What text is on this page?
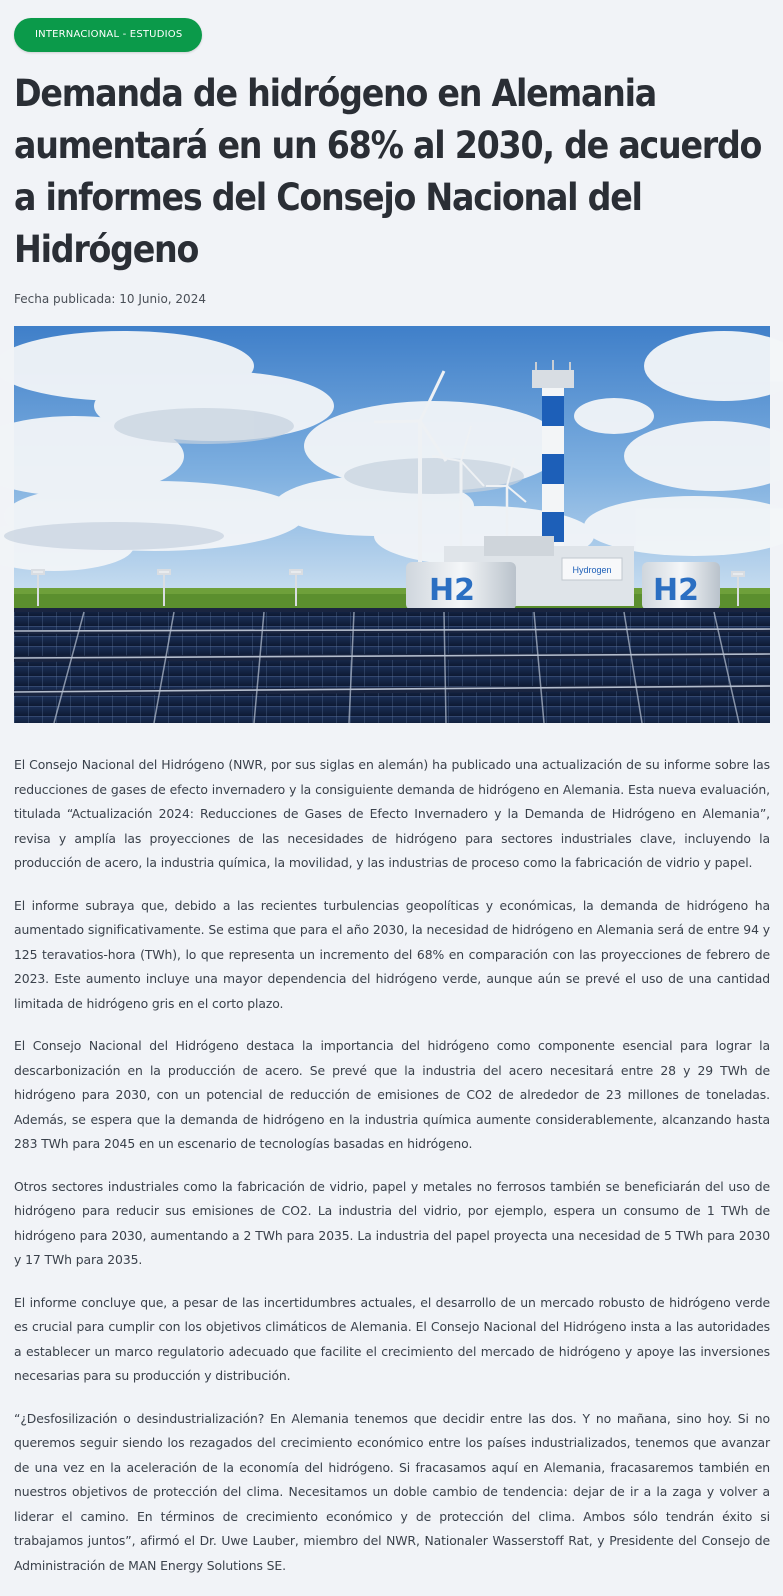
INTERNACIONAL - ESTUDIOS
Demanda de hidrógeno en Alemania aumentará en un 68% al 2030, de acuerdo a informes del Consejo Nacional del Hidrógeno
Fecha publicada: 10 Junio, 2024
Hydrogen
H2	H2

El Consejo Nacional del Hidrógeno (NWR, por sus siglas en alemán) ha publicado una actualización de su informe sobre las reducciones de gases de efecto invernadero y la consiguiente demanda de hidrógeno en Alemania. Esta nueva evaluación, titulada “Actualización 2024: Reducciones de Gases de Efecto Invernadero y la Demanda de Hidrógeno en Alemania”, revisa y amplía las proyecciones de las necesidades de hidrógeno para sectores industriales clave, incluyendo la producción de acero, la industria química, la movilidad, y las industrias de proceso como la fabricación de vidrio y papel.

El informe subraya que, debido a las recientes turbulencias geopolíticas y económicas, la demanda de hidrógeno ha aumentado significativamente. Se estima que para el año 2030, la necesidad de hidrógeno en Alemania será de entre 94 y 125 teravatios-hora (TWh), lo que representa un incremento del 68% en comparación con las proyecciones de febrero de 2023. Este aumento incluye una mayor dependencia del hidrógeno verde, aunque aún se prevé el uso de una cantidad limitada de hidrógeno gris en el corto plazo.

El Consejo Nacional del Hidrógeno destaca la importancia del hidrógeno como componente esencial para lograr la descarbonización en la producción de acero. Se prevé que la industria del acero necesitará entre 28 y 29 TWh de hidrógeno para 2030, con un potencial de reducción de emisiones de CO2 de alrededor de 23 millones de toneladas. Además, se espera que la demanda de hidrógeno en la industria química aumente considerablemente, alcanzando hasta 283 TWh para 2045 en un escenario de tecnologías basadas en hidrógeno.

Otros sectores industriales como la fabricación de vidrio, papel y metales no ferrosos también se beneficiarán del uso de hidrógeno para reducir sus emisiones de CO2. La industria del vidrio, por ejemplo, espera un consumo de 1 TWh de hidrógeno para 2030, aumentando a 2 TWh para 2035. La industria del papel proyecta una necesidad de 5 TWh para 2030 y 17 TWh para 2035.

El informe concluye que, a pesar de las incertidumbres actuales, el desarrollo de un mercado robusto de hidrógeno verde es crucial para cumplir con los objetivos climáticos de Alemania. El Consejo Nacional del Hidrógeno insta a las autoridades a establecer un marco regulatorio adecuado que facilite el crecimiento del mercado de hidrógeno y apoye las inversiones necesarias para su producción y distribución.

“¿Desfosilización o desindustrialización? En Alemania tenemos que decidir entre las dos. Y no mañana, sino hoy. Si no queremos seguir siendo los rezagados del crecimiento económico entre los países industrializados, tenemos que avanzar de una vez en la aceleración de la economía del hidrógeno. Si fracasamos aquí en Alemania, fracasaremos también en nuestros objetivos de protección del clima. Necesitamos un doble cambio de tendencia: dejar de ir a la zaga y volver a liderar el camino. En términos de crecimiento económico y de protección del clima. Ambos sólo tendrán éxito si trabajamos juntos”, afirmó el Dr. Uwe Lauber, miembro del NWR, Nationaler Wasserstoff Rat, y Presidente del Consejo de Administración de MAN Energy Solutions SE.
